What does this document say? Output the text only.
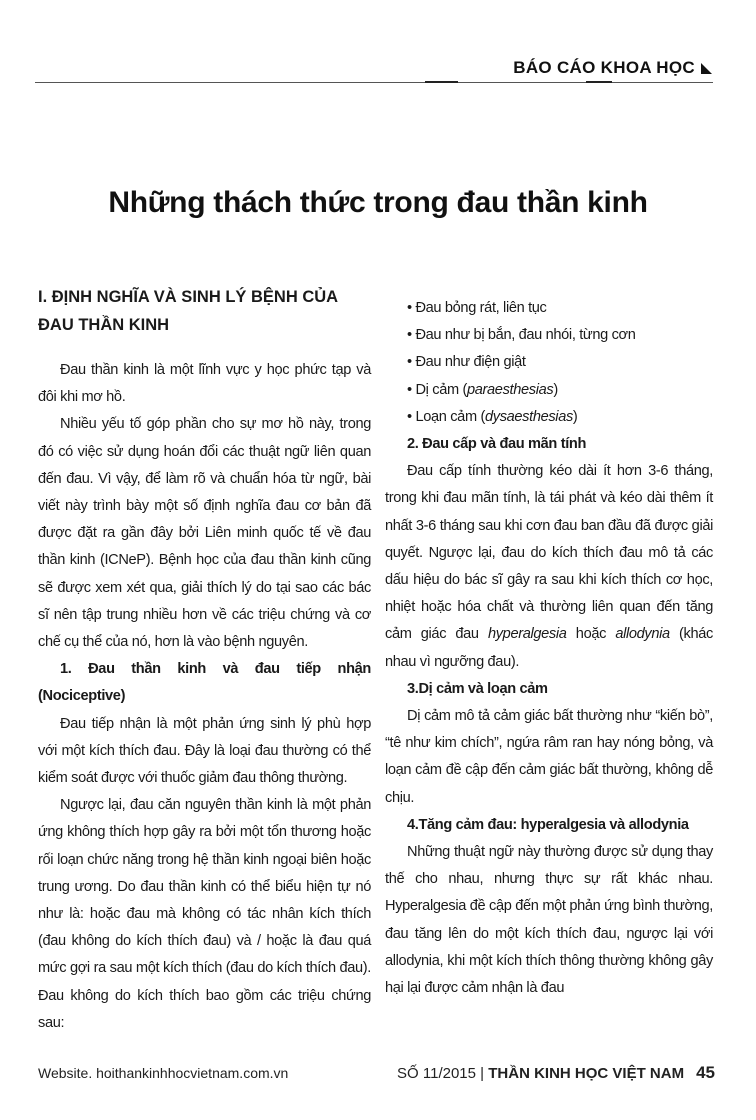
BÁO CÁO KHOA HỌC
Những thách thức trong đau thần kinh
I. ĐỊNH NGHĨA VÀ SINH LÝ BỆNH CỦA ĐAU THẦN KINH

Đau thần kinh là một lĩnh vực y học phức tạp và đôi khi mơ hồ.

Nhiều yếu tố góp phần cho sự mơ hồ này, trong đó có việc sử dụng hoán đổi các thuật ngữ liên quan đến đau. Vì vậy, để làm rõ và chuẩn hóa từ ngữ, bài viết này trình bày một số định nghĩa đau cơ bản đã được đặt ra gần đây bởi Liên minh quốc tế về đau thần kinh (ICNeP). Bệnh học của đau thần kinh cũng sẽ được xem xét qua, giải thích lý do tại sao các bác sĩ nên tập trung nhiều hơn về các triệu chứng và cơ chế cụ thể của nó, hơn là vào bệnh nguyên.

1. Đau thần kinh và đau tiếp nhận (Nociceptive)

Đau tiếp nhận là một phản ứng sinh lý phù hợp với một kích thích đau. Đây là loại đau thường có thể kiểm soát được với thuốc giảm đau thông thường.

Ngược lại, đau căn nguyên thần kinh là một phản ứng không thích hợp gây ra bởi một tổn thương hoặc rối loạn chức năng trong hệ thần kinh ngoại biên hoặc trung ương. Do đau thần kinh có thể biểu hiện tự nó như là: hoặc đau mà không có tác nhân kích thích (đau không do kích thích đau) và / hoặc là đau quá mức gợi ra sau một kích thích (đau do kích thích đau). Đau không do kích thích bao gồm các triệu chứng sau:

• Đau bỏng rát, liên tục
• Đau như bị bắn, đau nhói, từng cơn
• Đau như điện giật
• Dị cảm (paraesthesias)
• Loạn cảm (dysaesthesias)
2. Đau cấp và đau mãn tính

Đau cấp tính thường kéo dài ít hơn 3-6 tháng, trong khi đau mãn tính, là tái phát và kéo dài thêm ít nhất 3-6 tháng sau khi cơn đau ban đầu đã được giải quyết. Ngược lại, đau do kích thích đau mô tả các dấu hiệu do bác sĩ gây ra sau khi kích thích cơ học, nhiệt hoặc hóa chất và thường liên quan đến tăng cảm giác đau hyperalgesia hoặc allodynia (khác nhau vì ngưỡng đau).

3.Dị cảm và loạn cảm

Dị cảm mô tả cảm giác bất thường như “kiến bò”, “tê như kim chích”, ngứa râm ran hay nóng bỏng, và loạn cảm đề cập đến cảm giác bất thường, không dễ chịu.

4.Tăng cảm đau: hyperalgesia và allodynia

Những thuật ngữ này thường được sử dụng thay thế cho nhau, nhưng thực sự rất khác nhau. Hyperalgesia đề cập đến một phản ứng bình thường, đau tăng lên do một kích thích đau, ngược lại với allodynia, khi một kích thích thông thường không gây hại lại được cảm nhận là đau

Website. hoithankinhhocvietnam.com.vn	SỐ 11/2015 | THẦN KINH HỌC VIỆT NAM 45
